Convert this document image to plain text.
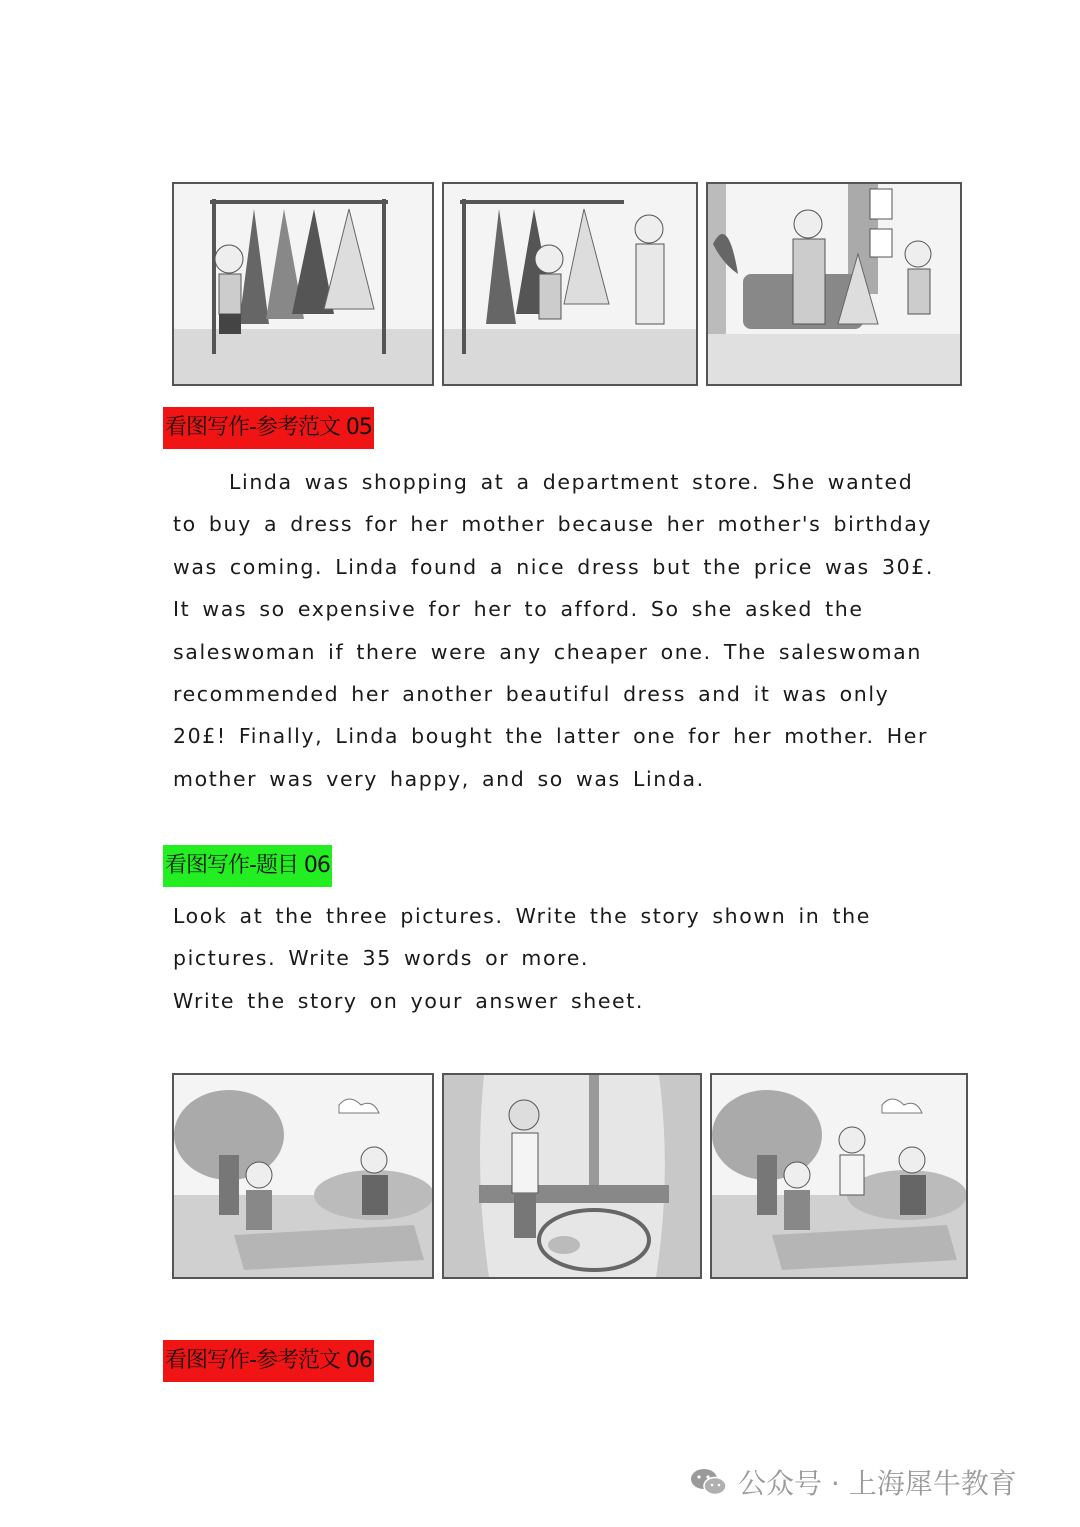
看图写作-参考范文 05
Linda was shopping at a department store. She wanted
to buy a dress for her mother because her mother's birthday
was coming. Linda found a nice dress but the price was 30£.
It was so expensive for her to afford. So she asked the
saleswoman if there were any cheaper one. The saleswoman
recommended her another beautiful dress and it was only
20£! Finally, Linda bought the latter one for her mother. Her
mother was very happy, and so was Linda.
看图写作-题目 06
Look at the three pictures. Write the story shown in the
pictures. Write 35 words or more.
Write the story on your answer sheet.
看图写作-参考范文 06
公众号 · 上海犀牛教育
